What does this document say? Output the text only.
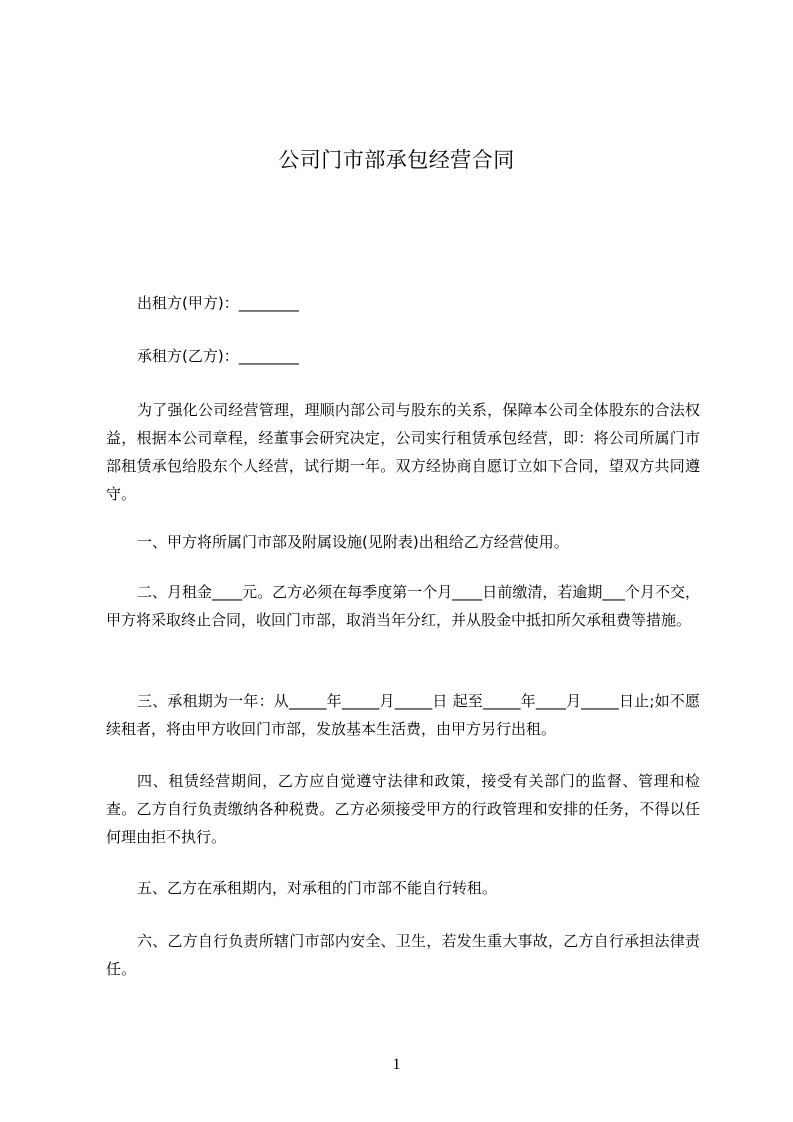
公司门市部承包经营合同
出租方(甲方)：________
承租方(乙方)：________
为了强化公司经营管理，理顺内部公司与股东的关系，保障本公司全体股东的合法权益，根据本公司章程，经董事会研究决定，公司实行租赁承包经营，即：将公司所属门市部租赁承包给股东个人经营，试行期一年。双方经协商自愿订立如下合同，望双方共同遵守。
一、甲方将所属门市部及附属设施(见附表)出租给乙方经营使用。
二、月租金____元。乙方必须在每季度第一个月____日前缴清，若逾期___个月不交，甲方将采取终止合同，收回门市部，取消当年分红，并从股金中抵扣所欠承租费等措施。
三、承租期为一年：从_____年_____月_____日 起至_____年____月_____日止;如不愿续租者，将由甲方收回门市部，发放基本生活费，由甲方另行出租。
四、租赁经营期间，乙方应自觉遵守法律和政策，接受有关部门的监督、管理和检查。乙方自行负责缴纳各种税费。乙方必须接受甲方的行政管理和安排的任务，不得以任何理由拒不执行。
五、乙方在承租期内，对承租的门市部不能自行转租。
六、乙方自行负责所辖门市部内安全、卫生，若发生重大事故，乙方自行承担法律责任。
1
